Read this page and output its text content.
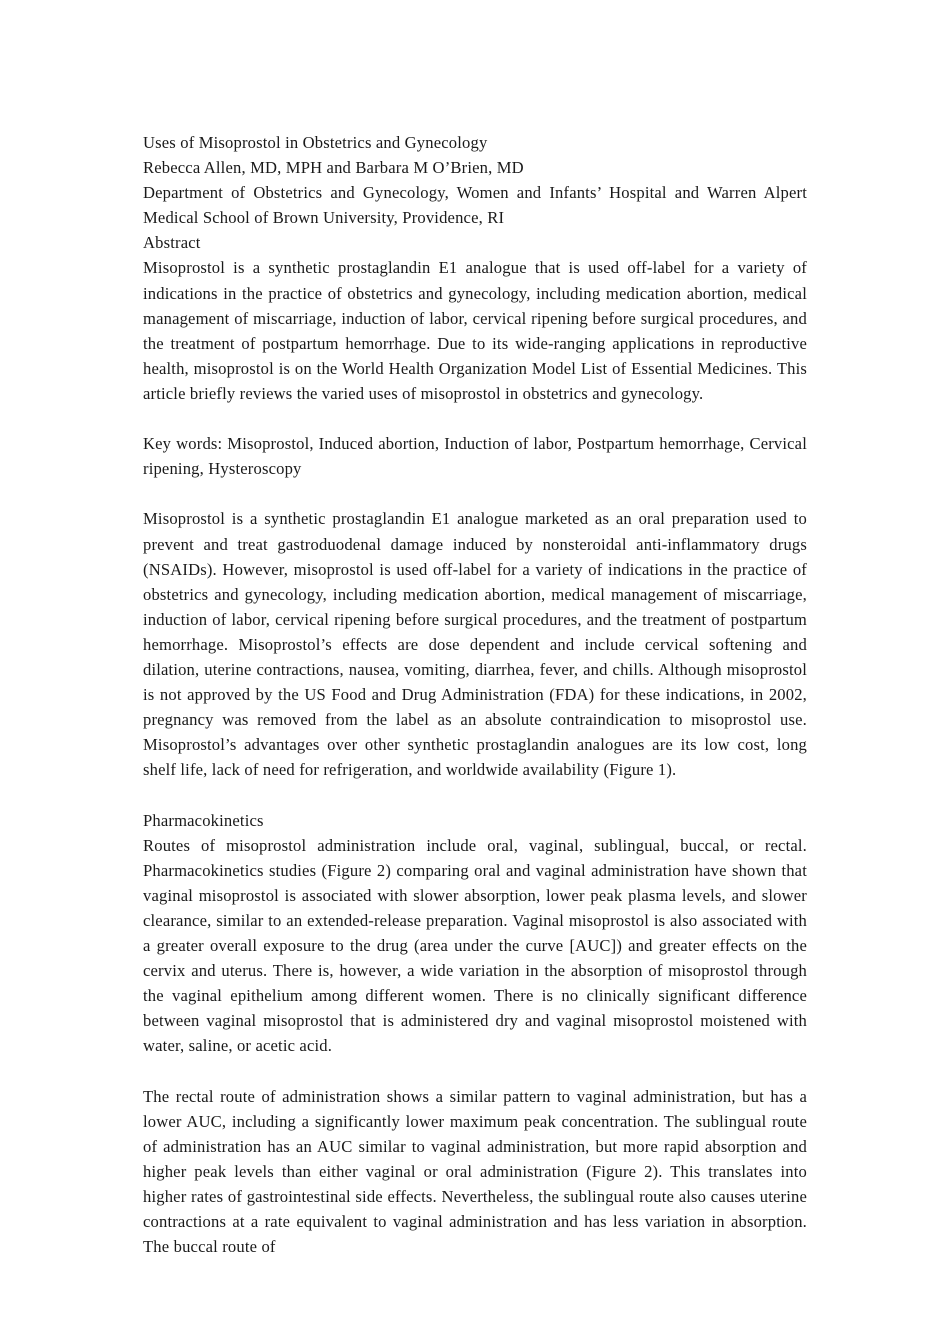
Uses of Misoprostol in Obstetrics and Gynecology
Rebecca Allen, MD, MPH and Barbara M O’Brien, MD
Department of Obstetrics and Gynecology, Women and Infants’ Hospital and Warren Alpert Medical School of Brown University, Providence, RI
Abstract

Misoprostol is a synthetic prostaglandin E1 analogue that is used off-label for a variety of indications in the practice of obstetrics and gynecology, including medication abortion, medical management of miscarriage, induction of labor, cervical ripening before surgical procedures, and the treatment of postpartum hemorrhage. Due to its wide-ranging applications in reproductive health, misoprostol is on the World Health Organization Model List of Essential Medicines. This article briefly reviews the varied uses of misoprostol in obstetrics and gynecology.

Key words: Misoprostol, Induced abortion, Induction of labor, Postpartum hemorrhage, Cervical ripening, Hysteroscopy

Misoprostol is a synthetic prostaglandin E1 analogue marketed as an oral preparation used to prevent and treat gastroduodenal damage induced by nonsteroidal anti-inflammatory drugs (NSAIDs). However, misoprostol is used off-label for a variety of indications in the practice of obstetrics and gynecology, including medication abortion, medical management of miscarriage, induction of labor, cervical ripening before surgical procedures, and the treatment of postpartum hemorrhage. Misoprostol’s effects are dose dependent and include cervical softening and dilation, uterine contractions, nausea, vomiting, diarrhea, fever, and chills. Although misoprostol is not approved by the US Food and Drug Administration (FDA) for these indications, in 2002, pregnancy was removed from the label as an absolute contraindication to misoprostol use. Misoprostol’s advantages over other synthetic prostaglandin analogues are its low cost, long shelf life, lack of need for refrigeration, and worldwide availability (Figure 1).

Pharmacokinetics

Routes of misoprostol administration include oral, vaginal, sublingual, buccal, or rectal. Pharmacokinetics studies (Figure 2) comparing oral and vaginal administration have shown that vaginal misoprostol is associated with slower absorption, lower peak plasma levels, and slower clearance, similar to an extended-release preparation. Vaginal misoprostol is also associated with a greater overall exposure to the drug (area under the curve [AUC]) and greater effects on the cervix and uterus. There is, however, a wide variation in the absorption of misoprostol through the vaginal epithelium among different women. There is no clinically significant difference between vaginal misoprostol that is administered dry and vaginal misoprostol moistened with water, saline, or acetic acid.

The rectal route of administration shows a similar pattern to vaginal administration, but has a lower AUC, including a significantly lower maximum peak concentration. The sublingual route of administration has an AUC similar to vaginal administration, but more rapid absorption and higher peak levels than either vaginal or oral administration (Figure 2). This translates into higher rates of gastrointestinal side effects. Nevertheless, the sublingual route also causes uterine contractions at a rate equivalent to vaginal administration and has less variation in absorption. The buccal route of
